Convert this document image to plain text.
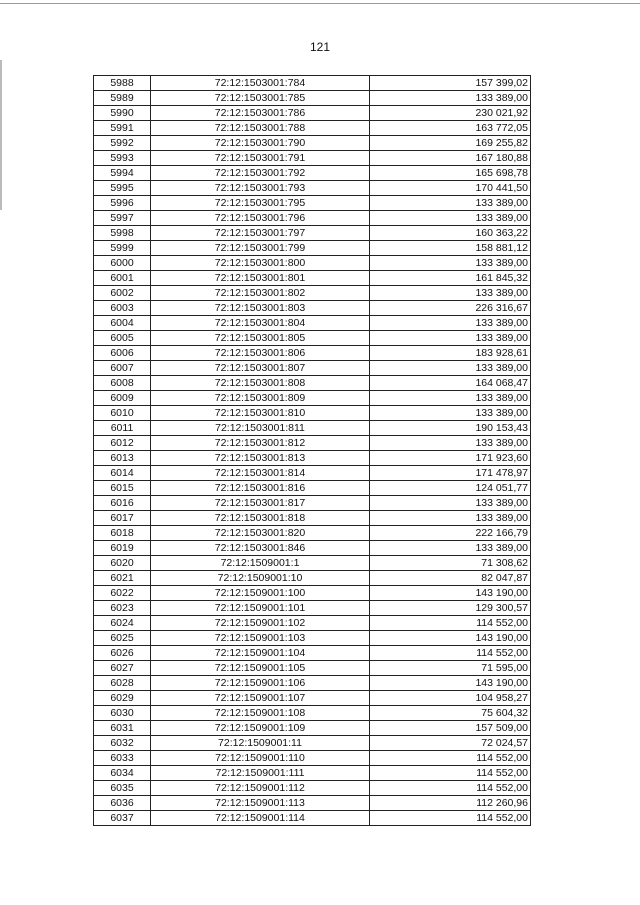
121
5988	72:12:1503001:784	157 399,02
5989	72:12:1503001:785	133 389,00
5990	72:12:1503001:786	230 021,92
5991	72:12:1503001:788	163 772,05
5992	72:12:1503001:790	169 255,82
5993	72:12:1503001:791	167 180,88
5994	72:12:1503001:792	165 698,78
5995	72:12:1503001:793	170 441,50
5996	72:12:1503001:795	133 389,00
5997	72:12:1503001:796	133 389,00
5998	72:12:1503001:797	160 363,22
5999	72:12:1503001:799	158 881,12
6000	72:12:1503001:800	133 389,00
6001	72:12:1503001:801	161 845,32
6002	72:12:1503001:802	133 389,00
6003	72:12:1503001:803	226 316,67
6004	72:12:1503001:804	133 389,00
6005	72:12:1503001:805	133 389,00
6006	72:12:1503001:806	183 928,61
6007	72:12:1503001:807	133 389,00
6008	72:12:1503001:808	164 068,47
6009	72:12:1503001:809	133 389,00
6010	72:12:1503001:810	133 389,00
6011	72:12:1503001:811	190 153,43
6012	72:12:1503001:812	133 389,00
6013	72:12:1503001:813	171 923,60
6014	72:12:1503001:814	171 478,97
6015	72:12:1503001:816	124 051,77
6016	72:12:1503001:817	133 389,00
6017	72:12:1503001:818	133 389,00
6018	72:12:1503001:820	222 166,79
6019	72:12:1503001:846	133 389,00
6020	72:12:1509001:1	71 308,62
6021	72:12:1509001:10	82 047,87
6022	72:12:1509001:100	143 190,00
6023	72:12:1509001:101	129 300,57
6024	72:12:1509001:102	114 552,00
6025	72:12:1509001:103	143 190,00
6026	72:12:1509001:104	114 552,00
6027	72:12:1509001:105	71 595,00
6028	72:12:1509001:106	143 190,00
6029	72:12:1509001:107	104 958,27
6030	72:12:1509001:108	75 604,32
6031	72:12:1509001:109	157 509,00
6032	72:12:1509001:11	72 024,57
6033	72:12:1509001:110	114 552,00
6034	72:12:1509001:111	114 552,00
6035	72:12:1509001:112	114 552,00
6036	72:12:1509001:113	112 260,96
6037	72:12:1509001:114	114 552,00
